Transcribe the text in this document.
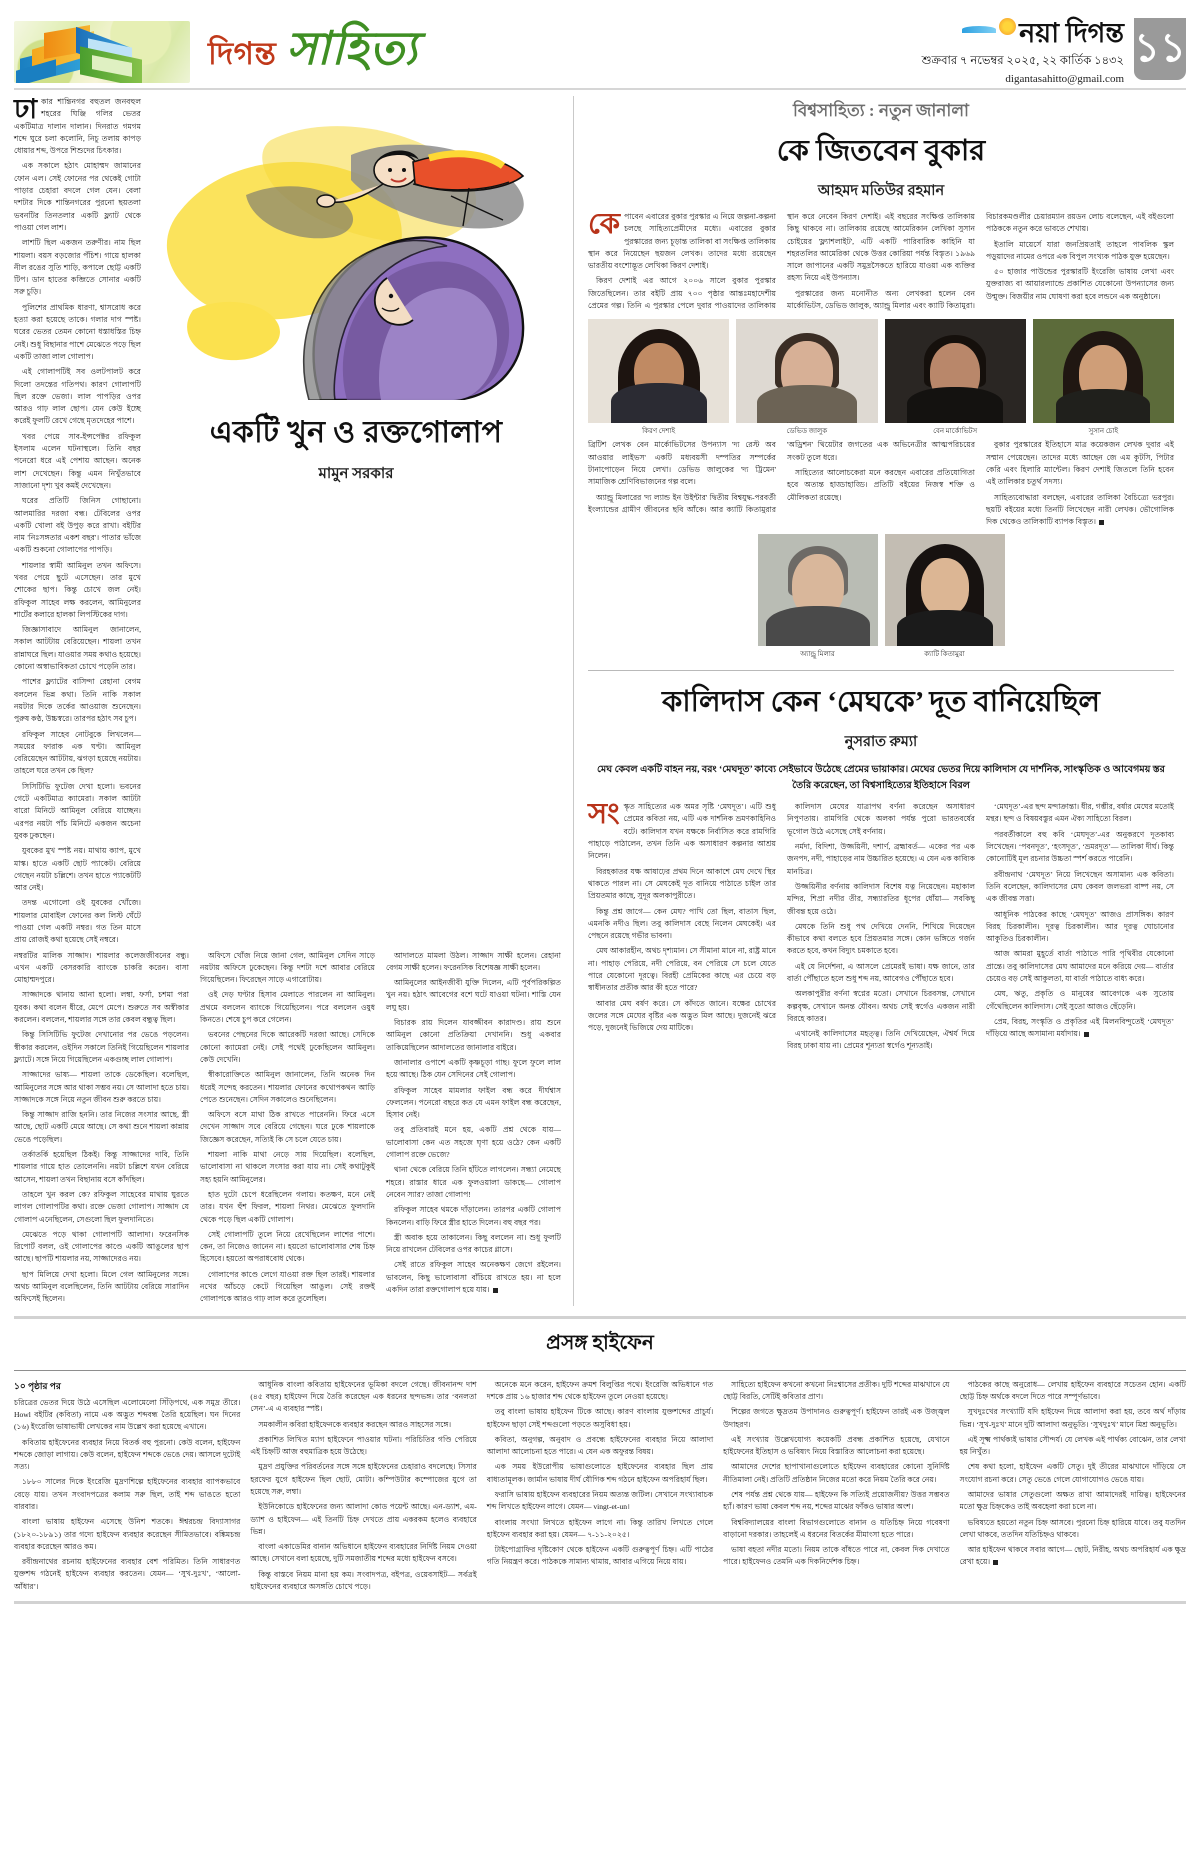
দিগন্ত সাহিত্য	নয়া দিগন্ত
শুক্রবার ৭ নভেম্বর ২০২৫, ২২ কার্তিক ১৪৩২
digantasahitto@gmail.com
১১

ঢাকার শান্তিনগর বহুতল জনবহুল শহরের ঘিঞ্জি গলির ভেতর একটিমাত্র দালান দালান। দিনরাত গমগম শব্দে ঘুরে চলা কলোনি, নিচু তলায় কাপড় ধোয়ার শব্দ, উপরে শিশুদের চিৎকার।

এক সকালে হঠাৎ মোহাম্মদ জামানের ফোন এল। সেই ফোনের পর থেকেই গোটা পাড়ার চেহারা বদলে গেল যেন। বেলা দশটার দিকে শান্তিনগরের পুরনো ছয়তলা ভবনটির তিনতলার একটি ফ্ল্যাট থেকে পাওয়া গেল লাশ।

লাশটি ছিল একজন তরুণীর। নাম ছিল শায়লা। বয়স বড়জোর পঁচিশ। গায়ে হালকা নীল রঙের সুতি শাড়ি, কপালে ছোট্ট একটি টিপ। ডান হাতের কব্জিতে সোনার একটি সরু চুড়ি।

পুলিশের প্রাথমিক ধারণা, শ্বাসরোধ করে হত্যা করা হয়েছে তাকে। গলার দাগ স্পষ্ট। ঘরের ভেতর তেমন কোনো ধস্তাধস্তির চিহ্ন নেই। শুধু বিছানার পাশে মেঝেতে পড়ে ছিল একটি তাজা লাল গোলাপ।

এই গোলাপটিই সব ওলটপালট করে দিলো তদন্তের গতিপথ। কারণ গোলাপটি ছিল রক্তে ভেজা। লাল পাপড়ির ওপর আরও গাঢ় লাল ছোপ। যেন কেউ ইচ্ছে করেই ফুলটি রেখে গেছে মৃতদেহের পাশে।

খবর পেয়ে সাব-ইন্সপেক্টর রফিকুল ইসলাম এলেন ঘটনাস্থলে। তিনি বছর পনেরো ধরে এই পেশায় আছেন। অনেক লাশ দেখেছেন। কিন্তু এমন নিখুঁতভাবে সাজানো দৃশ্য খুব কমই দেখেছেন।

ঘরের প্রতিটি জিনিস গোছানো। আলমারির দরজা বন্ধ। টেবিলের ওপর একটি খোলা বই উপুড় করে রাখা। বইটির নাম 'নিঃসঙ্গতার একশ বছর'। পাতার ভাঁজে একটি শুকনো গোলাপের পাপড়ি।

শায়লার স্বামী আমিনুল তখন অফিসে। খবর পেয়ে ছুটে এসেছেন। তার মুখে শোকের ছাপ। কিন্তু চোখে জল নেই। রফিকুল সাহেব লক্ষ করলেন, আমিনুলের শার্টের কলারে হালকা লিপস্টিকের দাগ।

জিজ্ঞাসাবাদে আমিনুল জানালেন, সকাল আটটায় বেরিয়েছেন। শায়লা তখন রান্নাঘরে ছিল। যাওয়ার সময় কথাও হয়েছে। কোনো অস্বাভাবিকতা চোখে পড়েনি তার।

পাশের ফ্ল্যাটের বাসিন্দা রেহানা বেগম বললেন ভিন্ন কথা। তিনি নাকি সকাল নয়টার দিকে তর্কের আওয়াজ শুনেছেন। পুরুষ কণ্ঠ, উচ্চস্বরে। তারপর হঠাৎ সব চুপ।

রফিকুল সাহেব নোটবুকে লিখলেন— সময়ের ফারাক এক ঘণ্টা। আমিনুল বেরিয়েছেন আটটায়, ঝগড়া হয়েছে নয়টায়। তাহলে ঘরে তখন কে ছিল?

সিসিটিভি ফুটেজ দেখা হলো। ভবনের গেটে একটিমাত্র ক্যামেরা। সকাল আটটা বারো মিনিটে আমিনুল বেরিয়ে যাচ্ছেন। এরপর নয়টা পাঁচ মিনিটে একজন অচেনা যুবক ঢুকছেন।

যুবকের মুখ স্পষ্ট নয়। মাথায় ক্যাপ, মুখে মাস্ক। হাতে একটি ছোট প্যাকেট। বেরিয়ে গেছেন নয়টা চল্লিশে। তখন হাতে প্যাকেটটি আর নেই।

তদন্ত এগোলো ওই যুবকের খোঁজে। শায়লার মোবাইল ফোনের কল লিস্ট ঘেঁটে পাওয়া গেল একটি নম্বর। গত তিন মাসে প্রায় রোজই কথা হয়েছে সেই নম্বরে।

একটি খুন ও রক্তগোলাপ
মামুন সরকার

নম্বরটির মালিক সাজ্জাদ। শায়লার কলেজজীবনের বন্ধু। এখন একটি বেসরকারি ব্যাংকে চাকরি করেন। বাসা মোহাম্মদপুরে।

সাজ্জাদকে থানায় আনা হলো। লম্বা, ফর্সা, চশমা পরা যুবক। কথা বলেন ধীরে, মেপে মেপে। শুরুতে সব অস্বীকার করলেন। বললেন, শায়লার সঙ্গে তার কেবল বন্ধুত্ব ছিল।

কিন্তু সিসিটিভি ফুটেজ দেখানোর পর ভেঙে পড়লেন। স্বীকার করলেন, ওইদিন সকালে তিনিই গিয়েছিলেন শায়লার ফ্ল্যাটে। সঙ্গে নিয়ে গিয়েছিলেন একগুচ্ছ লাল গোলাপ।

সাজ্জাদের ভাষ্য— শায়লা তাকে ডেকেছিল। বলেছিল, আমিনুলের সঙ্গে আর থাকা সম্ভব নয়। সে আলাদা হতে চায়। সাজ্জাদকে সঙ্গে নিয়ে নতুন জীবন শুরু করতে চায়।

কিন্তু সাজ্জাদ রাজি হননি। তার নিজের সংসার আছে, স্ত্রী আছে, ছোট একটি মেয়ে আছে। সে কথা শুনে শায়লা কান্নায় ভেঙে পড়েছিল।

তর্কাতর্কি হয়েছিল ঠিকই। কিন্তু সাজ্জাদের দাবি, তিনি শায়লার গায়ে হাত তোলেননি। নয়টা চল্লিশে যখন বেরিয়ে আসেন, শায়লা তখন বিছানায় বসে কাঁদছিল।

তাহলে খুন করল কে? রফিকুল সাহেবের মাথায় ঘুরতে লাগল গোলাপটির কথা। রক্তে ভেজা গোলাপ। সাজ্জাদ যে গোলাপ এনেছিলেন, সেগুলো ছিল ফুলদানিতে।

মেঝেতে পড়ে থাকা গোলাপটি আলাদা। ফরেনসিক রিপোর্ট বলল, ওই গোলাপের কাণ্ডে একটি আঙুলের ছাপ আছে। ছাপটি শায়লার নয়, সাজ্জাদেরও নয়।

ছাপ মিলিয়ে দেখা হলো। মিলে গেল আমিনুলের সঙ্গে। অথচ আমিনুল বলেছিলেন, তিনি আটটায় বেরিয়ে সারাদিন অফিসেই ছিলেন।

অফিসে খোঁজ নিয়ে জানা গেল, আমিনুল সেদিন সাড়ে নয়টায় অফিসে ঢুকেছেন। কিন্তু দশটা দশে আবার বেরিয়ে গিয়েছিলেন। ফিরেছেন সাড়ে এগারোটায়।

ওই দেড় ঘণ্টার হিসাব মেলাতে পারলেন না আমিনুল। প্রথমে বললেন ব্যাংকে গিয়েছিলেন। পরে বললেন ওষুধ কিনতে। শেষে চুপ করে গেলেন।

ভবনের পেছনের দিকে আরেকটি দরজা আছে। সেদিকে কোনো ক্যামেরা নেই। সেই পথেই ঢুকেছিলেন আমিনুল। কেউ দেখেনি।

স্বীকারোক্তিতে আমিনুল জানালেন, তিনি অনেক দিন ধরেই সন্দেহ করতেন। শায়লার ফোনের কথোপকথন আড়ি পেতে শুনেছেন। সেদিন সকালেও শুনেছিলেন।

অফিসে বসে মাথা ঠিক রাখতে পারেননি। ফিরে এসে দেখেন সাজ্জাদ সবে বেরিয়ে গেছেন। ঘরে ঢুকে শায়লাকে জিজ্ঞেস করেছেন, সত্যিই কি সে চলে যেতে চায়।

শায়লা নাকি মাথা নেড়ে সায় দিয়েছিল। বলেছিল, ভালোবাসা না থাকলে সংসার করা যায় না। সেই কথাটুকুই সহ্য হয়নি আমিনুলের।

হাত দুটো চেপে ধরেছিলেন গলায়। কতক্ষণ, মনে নেই তার। যখন হুঁশ ফিরল, শায়লা নিথর। মেঝেতে ফুলদানি থেকে পড়ে ছিল একটি গোলাপ।

সেই গোলাপটি তুলে নিয়ে রেখেছিলেন লাশের পাশে। কেন, তা নিজেও জানেন না। হয়তো ভালোবাসার শেষ চিহ্ন হিসেবে। হয়তো অপরাধবোধ থেকে।

গোলাপের কাণ্ডে লেগে যাওয়া রক্ত ছিল তারই। শায়লার নখের আঁচড়ে কেটে গিয়েছিল আঙুল। সেই রক্তই গোলাপকে আরও গাঢ় লাল করে তুলেছিল।

আদালতে মামলা উঠল। সাজ্জাদ সাক্ষী হলেন। রেহানা বেগম সাক্ষী হলেন। ফরেনসিক বিশেষজ্ঞ সাক্ষী হলেন।

আমিনুলের আইনজীবী যুক্তি দিলেন, এটি পূর্বপরিকল্পিত খুন নয়। হঠাৎ আবেগের বশে ঘটে যাওয়া ঘটনা। শাস্তি যেন লঘু হয়।

বিচারক রায় দিলেন যাবজ্জীবন কারাদণ্ড। রায় শুনে আমিনুল কোনো প্রতিক্রিয়া দেখাননি। শুধু একবার তাকিয়েছিলেন আদালতের জানালার বাইরে।

জানালার ওপাশে একটি কৃষ্ণচূড়া গাছ। ফুলে ফুলে লাল হয়ে আছে। ঠিক যেন সেদিনের সেই গোলাপ।

রফিকুল সাহেব মামলার ফাইল বন্ধ করে দীর্ঘশ্বাস ফেললেন। পনেরো বছরে কত যে এমন ফাইল বন্ধ করেছেন, হিসাব নেই।

তবু প্রতিবারই মনে হয়, একটি প্রশ্ন থেকে যায়— ভালোবাসা কেন এত সহজে ঘৃণা হয়ে ওঠে? কেন একটি গোলাপ রক্তে ভেজে?

থানা থেকে বেরিয়ে তিনি হাঁটতে লাগলেন। সন্ধ্যা নেমেছে শহরে। রাস্তার ধারে এক ফুলওয়ালা ডাকছে— গোলাপ নেবেন স্যার? তাজা গোলাপ!

রফিকুল সাহেব থমকে দাঁড়ালেন। তারপর একটি গোলাপ কিনলেন। বাড়ি ফিরে স্ত্রীর হাতে দিলেন। বহু বছর পর।

স্ত্রী অবাক হয়ে তাকালেন। কিছু বললেন না। শুধু ফুলটি নিয়ে রাখলেন টেবিলের ওপর কাচের গ্লাসে।

সেই রাতে রফিকুল সাহেব অনেকক্ষণ জেগে রইলেন। ভাবলেন, কিছু ভালোবাসা বাঁচিয়ে রাখতে হয়। না হলে একদিন তারা রক্তগোলাপ হয়ে যায়।

বিশ্বসাহিত্য : নতুন জানালা
কে জিতবেন বুকার
আহমদ মতিউর রহমান

কেপাবেন এবারের বুকার পুরস্কার এ নিয়ে জল্পনা-কল্পনা চলছে সাহিত্যপ্রেমীদের মধ্যে। এবারের বুকার পুরস্কারের জন্য চূড়ান্ত তালিকা বা সংক্ষিপ্ত তালিকায় স্থান করে নিয়েছেন ছয়জন লেখক। তাদের মধ্যে রয়েছেন ভারতীয় বংশোদ্ভূত লেখিকা কিরণ দেশাই।

কিরণ দেশাই এর আগে ২০০৬ সালে বুকার পুরস্কার জিতেছিলেন। তার বইটি প্রায় ৭০০ পৃষ্ঠার আন্তঃমহাদেশীয় প্রেমের গল্প। তিনি এ পুরস্কার পেলে দুবার পাওয়াদের তালিকায় স্থান করে নেবেন কিরণ দেশাই। এই বছরের সংক্ষিপ্ত তালিকায় কিছু থাকবে না। তালিকায় রয়েছে আমেরিকান লেখিকা সুসান চোইয়ের 'ফ্ল্যাশলাইট', এটি একটি পারিবারিক কাহিনি যা শহরতলির আমেরিকা থেকে উত্তর কোরিয়া পর্যন্ত বিস্তৃত। ১৯৬৯ সালে জাপানের একটি সমুদ্রসৈকতে হারিয়ে যাওয়া এক ব্যক্তির রহস্য নিয়ে এই উপন্যাস।

পুরস্কারের জন্য মনোনীত অন্য লেখকরা হলেন বেন মার্কোভিটস, ডেভিড জালুক, অ্যান্ড্রু মিলার এবং ক্যাটি কিতামুরা। বিচারকমণ্ডলীর চেয়ারম্যান রয়ডন লোচ বলেছেন, এই বইগুলো পাঠককে নতুন করে ভাবতে শেখায়।

ইতালি মায়ের্সে যারা জনপ্রিয়তাই তাহলে পাবলিক স্কুল পড়ুয়াদের নামের ওপরে এক বিপুল সংখ্যক পাঠক যুক্ত হয়েছেন।

৫০ হাজার পাউন্ডের পুরস্কারটি ইংরেজি ভাষায় লেখা এবং যুক্তরাজ্য বা আয়ারল্যান্ডে প্রকাশিত যেকোনো উপন্যাসের জন্য উন্মুক্ত। বিজয়ীর নাম ঘোষণা করা হবে লন্ডনে এক অনুষ্ঠানে।

কিরণ দেশাই	ডেভিড জালুক	বেন মার্কোভিটস	সুসান চোই

ব্রিটিশ লেখক বেন মার্কোভিটসের উপন্যাস 'দ্য রেস্ট অব আওয়ার লাইভস' একটি মধ্যবয়সী দম্পতির সম্পর্কের টানাপোড়েন নিয়ে লেখা। ডেভিড জালুকের 'দ্য ট্রিমেন' সামাজিক শ্রেণিবিভাজনের গল্প বলে।

অ্যান্ড্রু মিলারের 'দ্য ল্যান্ড ইন উইন্টার' দ্বিতীয় বিশ্বযুদ্ধ-পরবর্তী ইংল্যান্ডের গ্রামীণ জীবনের ছবি আঁকে। আর ক্যাটি কিতামুরার 'অড্রিশন' থিয়েটার জগতের এক অভিনেত্রীর আত্মপরিচয়ের সংকট তুলে ধরে।

সাহিত্যের আলোচকেরা মনে করছেন এবারের প্রতিযোগিতা হবে অত্যন্ত হাড্ডাহাড্ডি। প্রতিটি বইয়ের নিজস্ব শক্তি ও মৌলিকতা রয়েছে।

বুকার পুরস্কারের ইতিহাসে মাত্র কয়েকজন লেখক দুবার এই সম্মান পেয়েছেন। তাদের মধ্যে আছেন জে এম কুটসি, পিটার কেরি এবং হিলারি ম্যান্টেল। কিরণ দেশাই জিতলে তিনি হবেন এই তালিকার চতুর্থ সদস্য।

সাহিত্যবোদ্ধারা বলছেন, এবারের তালিকা বৈচিত্র্যে ভরপুর। ছয়টি বইয়ের মধ্যে তিনটি লিখেছেন নারী লেখক। ভৌগোলিক দিক থেকেও তালিকাটি ব্যাপক বিস্তৃত।

অ্যান্ড্রু মিলার	ক্যাটি কিতামুরা
কালিদাস কেন ‘মেঘকে’ দূত বানিয়েছিল
নুসরাত রুম্যা
মেঘ কেবল একটি বাহন নয়, বরং ‘মেঘদূত’ কাব্যে সেইভাবে উঠেছে প্রেমের ভায়াকার। মেঘের ভেতর দিয়ে কালিদাস যে দার্শনিক, সাংস্কৃতিক ও আবেগময় স্তর তৈরি করেছেন, তা বিশ্বসাহিত্যের ইতিহাসে বিরল

সংস্কৃত সাহিত্যের এক অমর সৃষ্টি ‘মেঘদূত’। এটি শুধু প্রেমের কবিতা নয়, এটি এক দার্শনিক ভ্রমণকাহিনিও বটে। কালিদাস যখন যক্ষকে নির্বাসিত করে রামগিরি পাহাড়ে পাঠালেন, তখন তিনি এক অসাধারণ কল্পনার আশ্রয় নিলেন।

বিরহকাতর যক্ষ আষাঢ়ের প্রথম দিনে আকাশে মেঘ দেখে স্থির থাকতে পারল না। সে মেঘকেই দূত বানিয়ে পাঠাতে চাইল তার প্রিয়তমার কাছে, সুদূর অলকাপুরীতে।

কিন্তু প্রশ্ন জাগে— কেন মেঘ? পাখি তো ছিল, বাতাস ছিল, এমনকি নদীও ছিল। তবু কালিদাস বেছে নিলেন মেঘকেই। এর পেছনে রয়েছে গভীর ভাবনা।

মেঘ আকারহীন, অথচ দৃশ্যমান। সে সীমানা মানে না, রাষ্ট্র মানে না। পাহাড় পেরিয়ে, নদী পেরিয়ে, বন পেরিয়ে সে চলে যেতে পারে যেকোনো দূরত্বে। বিরহী প্রেমিকের কাছে এর চেয়ে বড় স্বাধীনতার প্রতীক আর কী হতে পারে?

আবার মেঘ বর্ষণ করে। সে কাঁদতে জানে। যক্ষের চোখের জলের সঙ্গে মেঘের বৃষ্টির এক অদ্ভুত মিল আছে। দুজনেই ঝরে পড়ে, দুজনেই ভিজিয়ে দেয় মাটিকে।

কালিদাস মেঘের যাত্রাপথ বর্ণনা করেছেন অসাধারণ নিপুণতায়। রামগিরি থেকে অলকা পর্যন্ত পুরো ভারতবর্ষের ভূগোল উঠে এসেছে সেই বর্ণনায়।

নর্মদা, বিদিশা, উজ্জয়িনী, দশার্ণ, ব্রহ্মাবর্ত— একের পর এক জনপদ, নদী, পাহাড়ের নাম উচ্চারিত হয়েছে। এ যেন এক কাব্যিক মানচিত্র।

উজ্জয়িনীর বর্ণনায় কালিদাস বিশেষ যত্ন নিয়েছেন। মহাকাল মন্দির, শিপ্রা নদীর তীর, সন্ধ্যারতির ধূপের ধোঁয়া— সবকিছু জীবন্ত হয়ে ওঠে।

মেঘকে তিনি শুধু পথ দেখিয়ে দেননি, শিখিয়ে দিয়েছেন কীভাবে কথা বলতে হবে প্রিয়তমার সঙ্গে। কোন ভঙ্গিতে গর্জন করতে হবে, কখন বিদ্যুৎ চমকাতে হবে।

এই যে নির্দেশনা, এ আসলে প্রেমেরই ভাষা। যক্ষ জানে, তার বার্তা পৌঁছাতে হলে শুধু শব্দ নয়, আবেগও পৌঁছাতে হবে।

অলকাপুরীর বর্ণনা স্বপ্নের মতো। সেখানে চিরবসন্ত, সেখানে কল্পবৃক্ষ, সেখানে অনন্ত যৌবন। অথচ সেই স্বর্গেও একজন নারী বিরহে কাতর।

এখানেই কালিদাসের মহত্ত্ব। তিনি দেখিয়েছেন, ঐশ্বর্য দিয়ে বিরহ ঢাকা যায় না। প্রেমের শূন্যতা স্বর্গেও শূন্যতাই।

‘মেঘদূত’-এর ছন্দ মন্দাক্রান্তা। ধীর, গম্ভীর, বর্ষার মেঘের মতোই মন্থর। ছন্দ ও বিষয়বস্তুর এমন ঐক্য সাহিত্যে বিরল।

পরবর্তীকালে বহু কবি ‘মেঘদূত’-এর অনুকরণে দূতকাব্য লিখেছেন। ‘পবনদূত’, ‘হংসদূত’, ‘ভ্রমরদূত’— তালিকা দীর্ঘ। কিন্তু কোনোটিই মূল রচনার উচ্চতা স্পর্শ করতে পারেনি।

রবীন্দ্রনাথ ‘মেঘদূত’ নিয়ে লিখেছেন অসামান্য এক কবিতা। তিনি বলেছেন, কালিদাসের মেঘ কেবল জলভরা বাষ্প নয়, সে এক জীবন্ত সত্তা।

আধুনিক পাঠকের কাছে ‘মেঘদূত’ আজও প্রাসঙ্গিক। কারণ বিরহ চিরকালীন। দূরত্ব চিরকালীন। আর দূরত্ব ঘোচানোর আকুতিও চিরকালীন।

আজ আমরা মুহূর্তে বার্তা পাঠাতে পারি পৃথিবীর যেকোনো প্রান্তে। তবু কালিদাসের মেঘ আমাদের মনে করিয়ে দেয়— বার্তার চেয়েও বড় সেই আকুলতা, যা বার্তা পাঠাতে বাধ্য করে।

মেঘ, ঋতু, প্রকৃতি ও মানুষের আবেগকে এক সুতোয় গেঁথেছিলেন কালিদাস। সেই সুতো আজও ছেঁড়েনি।

প্রেম, বিরহ, সংস্কৃতি ও প্রকৃতির এই মিলনবিন্দুতেই ‘মেঘদূত’ দাঁড়িয়ে আছে অসামান্য মর্যাদায়।

প্রসঙ্গ হাইফেন
১০ পৃষ্ঠার পর

চরিত্রের ভেতর দিয়ে উঠে এসেছিল এলোমেলো সিঁড়িপথে, এক সমুদ্র তীরে। Howl বইটির (কবিতা) নামে এক অদ্ভুত শব্দবন্ধ তৈরি হয়েছিল। ঘন দিনের (১৬) ইংরেজি ভাষাভাষী লেখকের নাম উল্লেখ করা হয়েছে এখানে।

কবিতায় হাইফেনের ব্যবহার নিয়ে বিতর্ক বহু পুরনো। কেউ বলেন, হাইফেন শব্দকে জোড়া লাগায়। কেউ বলেন, হাইফেন শব্দকে ভেঙে দেয়। আসলে দুটোই সত্য।

১৮৮০ সালের দিকে ইংরেজি মুদ্রণশিল্পে হাইফেনের ব্যবহার ব্যাপকভাবে বেড়ে যায়। তখন সংবাদপত্রের কলাম সরু ছিল, তাই শব্দ ভাঙতে হতো বারবার।

বাংলা ভাষায় হাইফেন এসেছে উনিশ শতকে। ঈশ্বরচন্দ্র বিদ্যাসাগর (১৮২০-১৮৯১) তার গদ্যে হাইফেন ব্যবহার করেছেন সীমিতভাবে। বঙ্কিমচন্দ্র ব্যবহার করেছেন আরও কম।

রবীন্দ্রনাথের রচনায় হাইফেনের ব্যবহার বেশ পরিমিত। তিনি সাধারণত যুক্তশব্দ গঠনেই হাইফেন ব্যবহার করতেন। যেমন— ‘সুখ-দুঃখ’, ‘আলো-আঁধার’।

আধুনিক বাংলা কবিতায় হাইফেনের ভূমিকা বদলে গেছে। জীবনানন্দ দাশ (৪৫ বছর) হাইফেন দিয়ে তৈরি করেছেন এক ধরনের ছন্দভঙ্গ। তার ‘বনলতা সেন’-এ এ ব্যবহার স্পষ্ট।

সমকালীন কবিরা হাইফেনকে ব্যবহার করছেন আরও সাহসের সঙ্গে।

প্রকাশিত লিখিত ম্যাগ হাইফেনে পাওয়ার ঘটনা। পরিচিতির গণ্ডি পেরিয়ে এই চিহ্নটি আজ বহুমাত্রিক হয়ে উঠেছে।

মুদ্রণ প্রযুক্তির পরিবর্তনের সঙ্গে সঙ্গে হাইফেনের চেহারাও বদলেছে। সিসার হরফের যুগে হাইফেন ছিল ছোট, মোটা। কম্পিউটার কম্পোজের যুগে তা হয়েছে সরু, লম্বা।

ইউনিকোডে হাইফেনের জন্য আলাদা কোড পয়েন্ট আছে। এন-ড্যাশ, এম-ড্যাশ ও হাইফেন— এই তিনটি চিহ্ন দেখতে প্রায় একরকম হলেও ব্যবহারে ভিন্ন।

বাংলা একাডেমির বানান অভিধানে হাইফেন ব্যবহারের নির্দিষ্ট নিয়ম দেওয়া আছে। সেখানে বলা হয়েছে, দুটি সমজাতীয় শব্দের মধ্যে হাইফেন বসবে।

কিন্তু বাস্তবে নিয়ম মানা হয় কম। সংবাদপত্র, বইপত্র, ওয়েবসাইট— সর্বত্রই হাইফেনের ব্যবহারে অসঙ্গতি চোখে পড়ে।

অনেকে মনে করেন, হাইফেন ক্রমশ বিলুপ্তির পথে। ইংরেজি অভিধানে গত দশকে প্রায় ১৬ হাজার শব্দ থেকে হাইফেন তুলে নেওয়া হয়েছে।

তবু বাংলা ভাষায় হাইফেন টিকে আছে। কারণ বাংলায় যুক্তশব্দের প্রাচুর্য। হাইফেন ছাড়া সেই শব্দগুলো পড়তে অসুবিধা হয়।

কবিতা, অনুগল্প, অনুবাদ ও প্রবন্ধে হাইফেনের ব্যবহার নিয়ে আলাদা আলাদা আলোচনা হতে পারে। এ যেন এক অফুরন্ত বিষয়।

এক সময় ইউরোপীয় ভাষাগুলোতে হাইফেনের ব্যবহার ছিল প্রায় বাধ্যতামূলক। জার্মান ভাষায় দীর্ঘ যৌগিক শব্দ গঠনে হাইফেন অপরিহার্য ছিল।

ফরাসি ভাষায় হাইফেন ব্যবহারের নিয়ম অত্যন্ত জটিল। সেখানে সংখ্যাবাচক শব্দ লিখতে হাইফেন লাগে। যেমন— vingt-et-un।

বাংলায় সংখ্যা লিখতে হাইফেন লাগে না। কিন্তু তারিখ লিখতে গেলে হাইফেন ব্যবহার করা হয়। যেমন— ৭-১১-২০২৫।

টাইপোগ্রাফির দৃষ্টিকোণ থেকে হাইফেন একটি গুরুত্বপূর্ণ চিহ্ন। এটি পাঠের গতি নিয়ন্ত্রণ করে। পাঠককে সামান্য থামায়, আবার এগিয়ে নিয়ে যায়।

সাহিত্যে হাইফেন কখনো কখনো নিঃশ্বাসের প্রতীক। দুটি শব্দের মাঝখানে যে ছোট্ট বিরতি, সেটিই কবিতার প্রাণ।

শিল্পের জগতে ক্ষুদ্রতম উপাদানও গুরুত্বপূর্ণ। হাইফেন তারই এক উজ্জ্বল উদাহরণ।

এই সংখ্যায় উল্লেখযোগ্য কয়েকটি প্রবন্ধ প্রকাশিত হয়েছে, যেখানে হাইফেনের ইতিহাস ও ভবিষ্যৎ নিয়ে বিস্তারিত আলোচনা করা হয়েছে।

আমাদের দেশের ছাপাখানাগুলোতে হাইফেন ব্যবহারের কোনো সুনির্দিষ্ট নীতিমালা নেই। প্রতিটি প্রতিষ্ঠান নিজের মতো করে নিয়ম তৈরি করে নেয়।

শেষ পর্যন্ত প্রশ্ন থেকে যায়— হাইফেন কি সত্যিই প্রয়োজনীয়? উত্তর সম্ভবত হ্যাঁ। কারণ ভাষা কেবল শব্দ নয়, শব্দের মাঝের ফাঁকও ভাষার অংশ।

বিশ্ববিদ্যালয়ের বাংলা বিভাগগুলোতে বানান ও যতিচিহ্ন নিয়ে গবেষণা বাড়ানো দরকার। তাহলেই এ ধরনের বিতর্কের মীমাংসা হতে পারে।

ভাষা বহতা নদীর মতো। নিয়ম তাকে বাঁধতে পারে না, কেবল দিক দেখাতে পারে। হাইফেনও তেমনি এক দিকনির্দেশক চিহ্ন।

পাঠকের কাছে অনুরোধ— লেখায় হাইফেন ব্যবহারে সচেতন হোন। একটি ছোট্ট চিহ্ন অর্থকে বদলে দিতে পারে সম্পূর্ণভাবে।

সুখদুঃখের সংখ্যাটি যদি হাইফেন দিয়ে আলাদা করা হয়, তবে অর্থ দাঁড়ায় ভিন্ন। ‘সুখ-দুঃখ’ মানে দুটি আলাদা অনুভূতি। ‘সুখদুঃখ’ মানে মিশ্র অনুভূতি।

এই সূক্ষ্ম পার্থক্যই ভাষার সৌন্দর্য। যে লেখক এই পার্থক্য বোঝেন, তার লেখা হয় নিখুঁত।

শেষ কথা হলো, হাইফেন একটি সেতু। দুই তীরের মাঝখানে দাঁড়িয়ে সে সংযোগ রচনা করে। সেতু ভেঙে গেলে যোগাযোগও ভেঙে যায়।

আমাদের ভাষার সেতুগুলো অক্ষত রাখা আমাদেরই দায়িত্ব। হাইফেনের মতো ক্ষুদ্র চিহ্নকেও তাই অবহেলা করা চলে না।

ভবিষ্যতে হয়তো নতুন চিহ্ন আসবে। পুরনো চিহ্ন হারিয়ে যাবে। তবু যতদিন লেখা থাকবে, ততদিন যতিচিহ্নও থাকবে।

আর হাইফেন থাকবে সবার আগে— ছোট, নিরীহ, অথচ অপরিহার্য এক ক্ষুদ্র রেখা হয়ে।
